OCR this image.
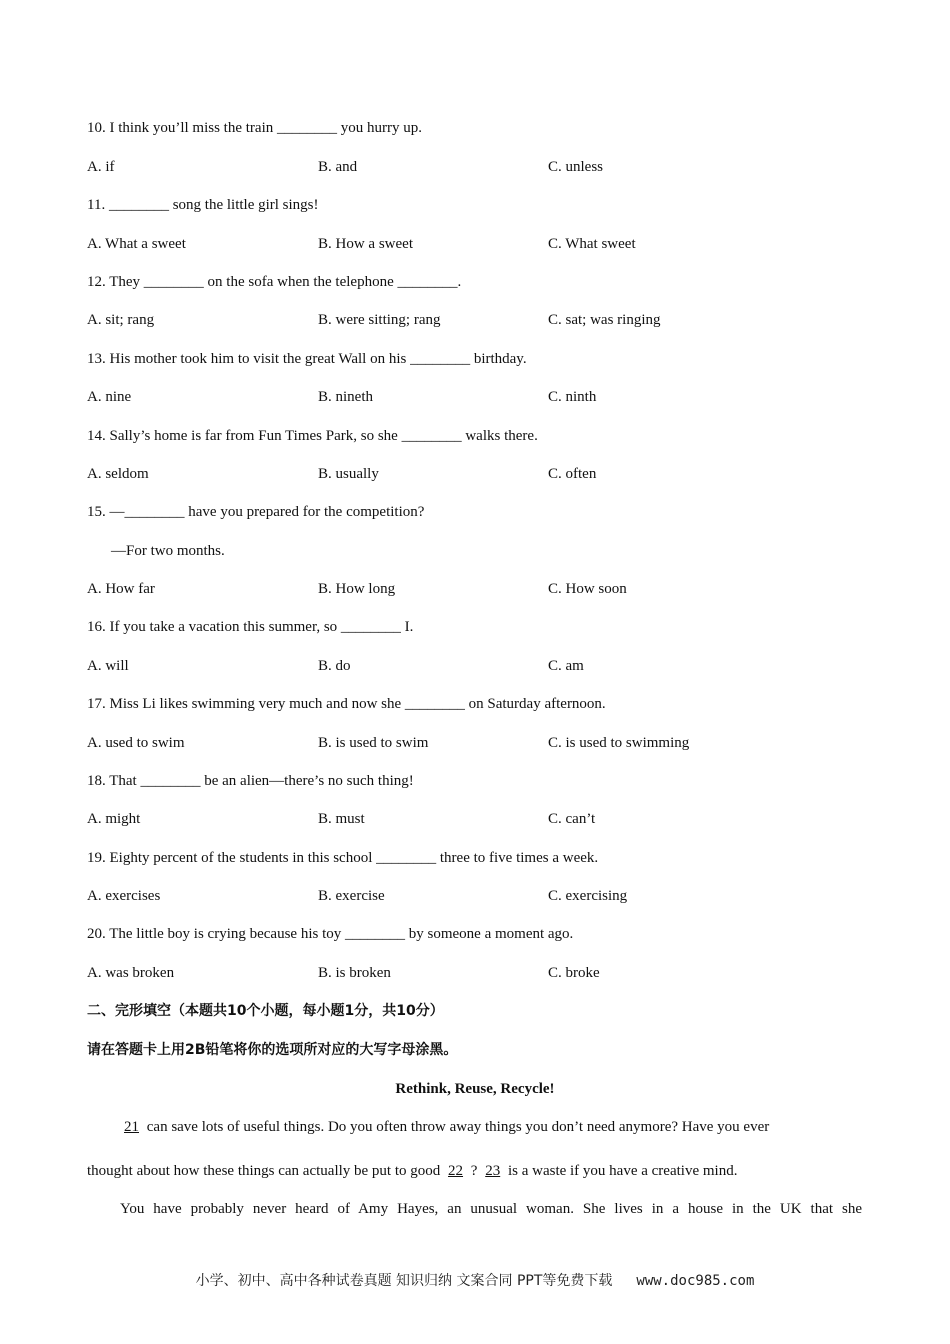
10. I think you’ll miss the train ________ you hurry up.
A. if	B. and	C. unless
11. ________ song the little girl sings!
A. What a sweet	B. How a sweet	C. What sweet
12. They ________ on the sofa when the telephone ________.
A. sit; rang	B. were sitting; rang	C. sat; was ringing
13. His mother took him to visit the great Wall on his ________ birthday.
A. nine	B. nineth	C. ninth
14. Sally’s home is far from Fun Times Park, so she ________ walks there.
A. seldom	B. usually	C. often
15. —________ have you prepared for the competition?
—For two months.
A. How far	B. How long	C. How soon
16. If you take a vacation this summer, so ________ I.
A. will	B. do	C. am
17. Miss Li likes swimming very much and now she ________ on Saturday afternoon.
A. used to swim	B. is used to swim	C. is used to swimming
18. That ________ be an alien—there’s no such thing!
A. might	B. must	C. can’t
19. Eighty percent of the students in this school ________ three to five times a week.
A. exercises	B. exercise	C. exercising
20. The little boy is crying because his toy ________ by someone a moment ago.
A. was broken	B. is broken	C. broke
二、完形填空（本题共10个小题，每小题1分，共10分）
请在答题卡上用2B铅笔将你的选项所对应的大写字母涂黑。
Rethink, Reuse, Recycle!
21 can save lots of useful things. Do you often throw away things you don’t need anymore? Have you ever
thought about how these things can actually be put to good 22 ? 23 is a waste if you have a creative mind.
You have probably never heard of Amy Hayes, an unusual woman. She lives in a house in the UK that she
小学、初中、高中各种试卷真题 知识归纳 文案合同 PPT等免费下载 www.doc985.com
